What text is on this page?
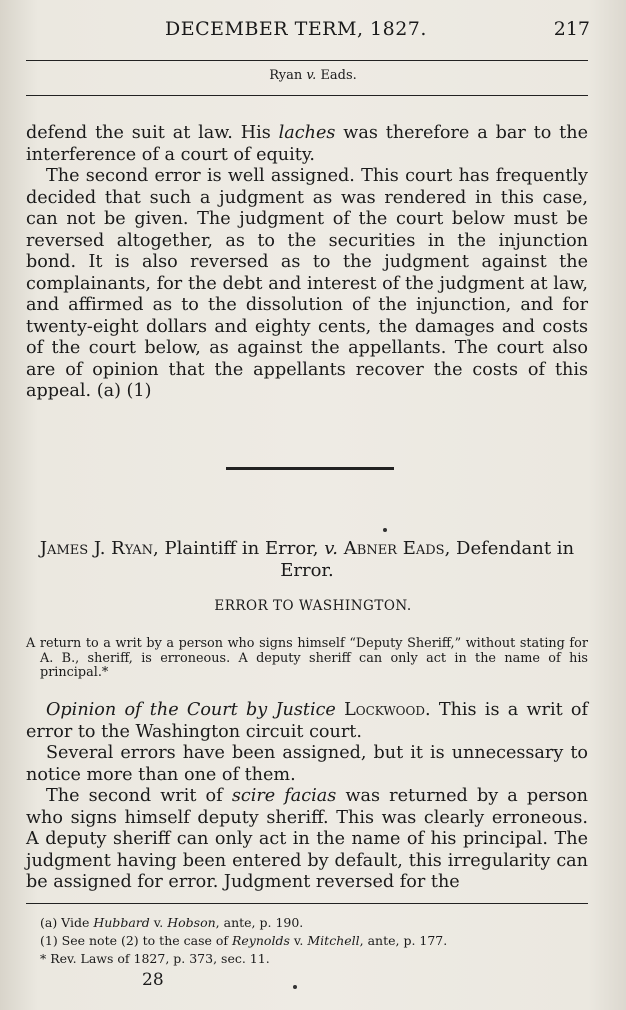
DECEMBER TERM, 1827.	217
Ryan v. Eads.

defend the suit at law. His laches was therefore a bar to the interference of a court of equity.

The second error is well assigned. This court has frequently decided that such a judgment as was rendered in this case, can not be given. The judgment of the court below must be reversed altogether, as to the securities in the injunction bond. It is also reversed as to the judgment against the complainants, for the debt and interest of the judgment at law, and affirmed as to the dissolution of the injunction, and for twenty-eight dollars and eighty cents, the damages and costs of the court below, as against the appellants. The court also are of opinion that the appellants recover the costs of this appeal. (a) (1)

James J. Ryan, Plaintiff in Error, v. Abner Eads, Defendant in Error.
ERROR TO WASHINGTON.

A return to a writ by a person who signs himself “Deputy Sheriff,” without stating for A. B., sheriff, is erroneous. A deputy sheriff can only act in the name of his principal.*

Opinion of the Court by Justice Lockwood. This is a writ of error to the Washington circuit court.

Several errors have been assigned, but it is unnecessary to notice more than one of them.

The second writ of scire facias was returned by a person who signs himself deputy sheriff. This was clearly erroneous. A deputy sheriff can only act in the name of his principal. The judgment having been entered by default, this irregularity can be assigned for error. Judgment reversed for the

(a) Vide Hubbard v. Hobson, ante, p. 190.

(1) See note (2) to the case of Reynolds v. Mitchell, ante, p. 177.

* Rev. Laws of 1827, p. 373, sec. 11.

28
